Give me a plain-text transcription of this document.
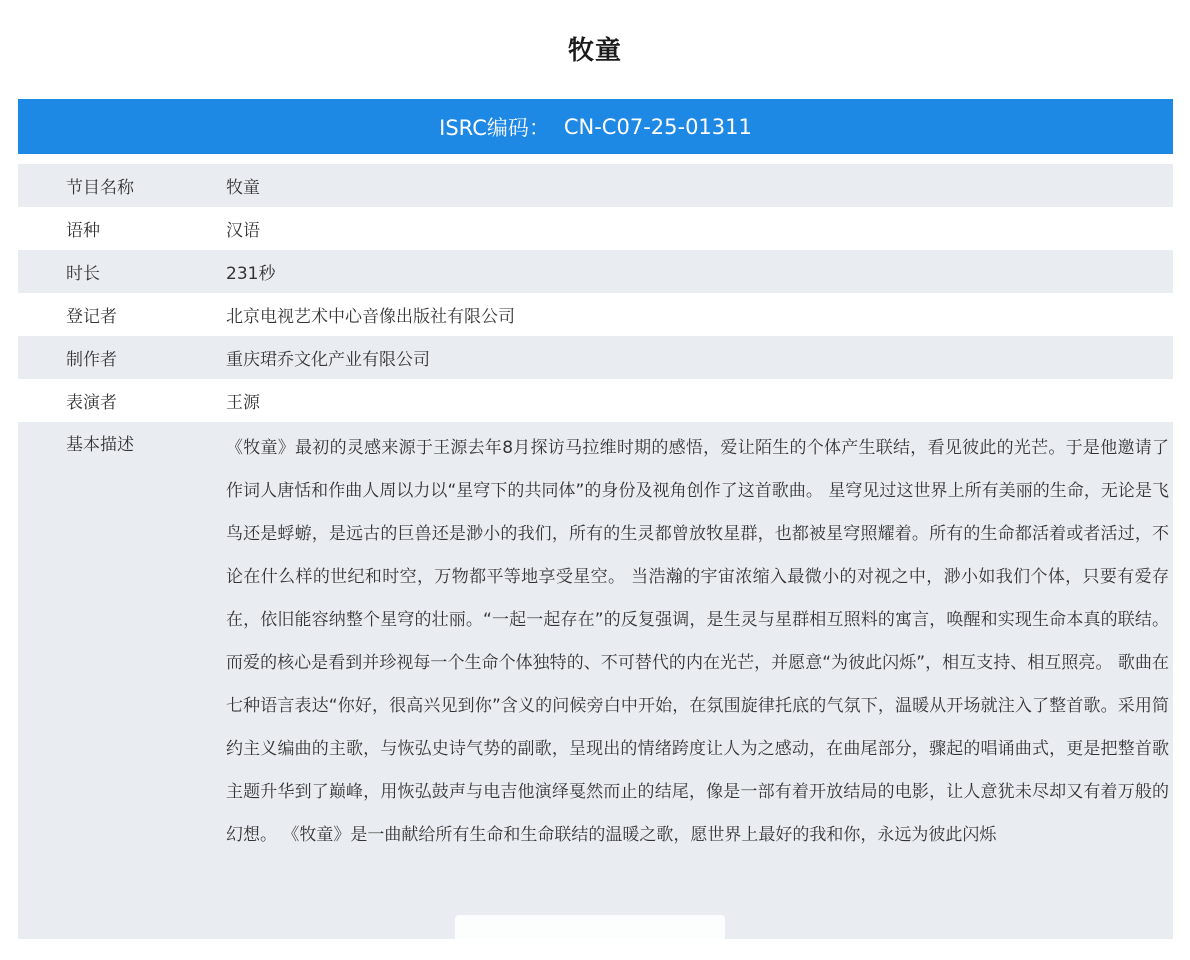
牧童
ISRC编码： CN-C07-25-01311
节目名称	牧童
语种	汉语
时长	231秒
登记者	北京电视艺术中心音像出版社有限公司
制作者	重庆珺乔文化产业有限公司
表演者	王源
基本描述	《牧童》最初的灵感来源于王源去年8月探访马拉维时期的感悟，爱让陌生的个体产生联结，看见彼此的光芒。于是他邀请了作词人唐恬和作曲人周以力以“星穹下的共同体”的身份及视角创作了这首歌曲。 星穹见过这世界上所有美丽的生命，无论是飞鸟还是蜉蝣，是远古的巨兽还是渺小的我们，所有的生灵都曾放牧星群，也都被星穹照耀着。所有的生命都活着或者活过，不论在什么样的世纪和时空，万物都平等地享受星空。 当浩瀚的宇宙浓缩入最微小的对视之中，渺小如我们个体，只要有爱存在，依旧能容纳整个星穹的壮丽。“一起一起存在”的反复强调，是生灵与星群相互照料的寓言，唤醒和实现生命本真的联结。而爱的核心是看到并珍视每一个生命个体独特的、不可替代的内在光芒，并愿意“为彼此闪烁”，相互支持、相互照亮。 歌曲在七种语言表达“你好，很高兴见到你”含义的问候旁白中开始，在氛围旋律托底的气氛下，温暖从开场就注入了整首歌。采用简约主义编曲的主歌，与恢弘史诗气势的副歌，呈现出的情绪跨度让人为之感动，在曲尾部分，骤起的唱诵曲式，更是把整首歌主题升华到了巅峰，用恢弘鼓声与电吉他演绎戛然而止的结尾，像是一部有着开放结局的电影，让人意犹未尽却又有着万般的幻想。 《牧童》是一曲献给所有生命和生命联结的温暖之歌，愿世界上最好的我和你，永远为彼此闪烁
